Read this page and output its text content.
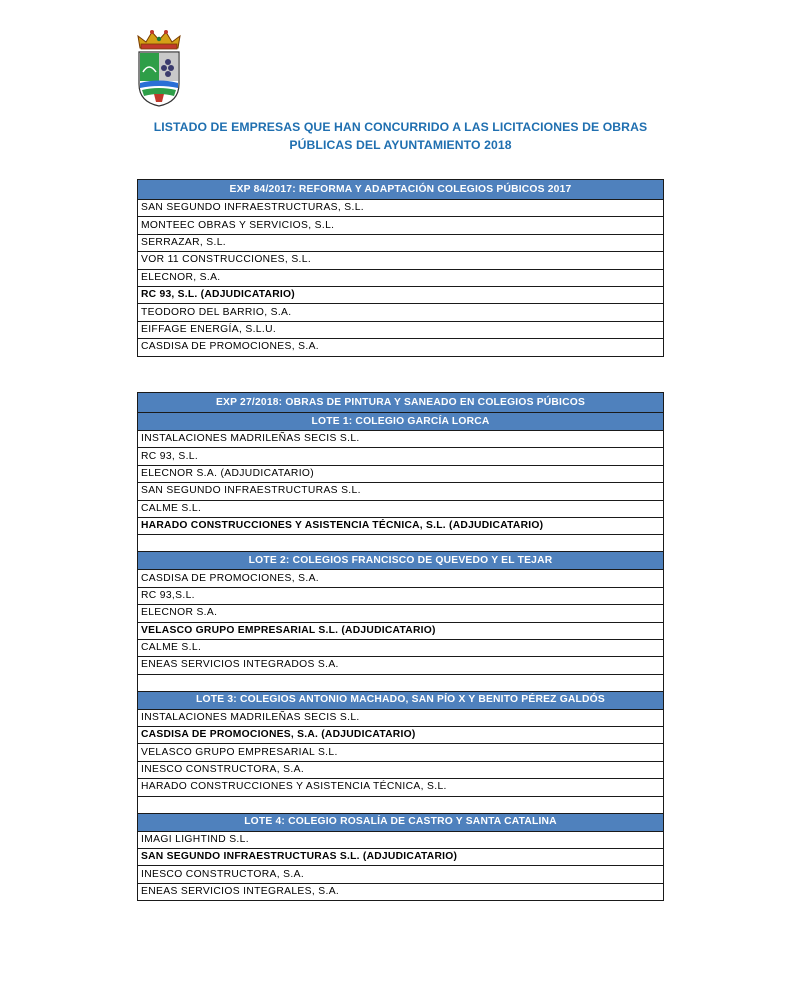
LISTADO DE EMPRESAS QUE HAN CONCURRIDO A LAS LICITACIONES DE OBRAS
PÚBLICAS DEL AYUNTAMIENTO 2018
EXP 84/2017: REFORMA Y ADAPTACIÓN COLEGIOS PÚBICOS 2017
SAN SEGUNDO INFRAESTRUCTURAS, S.L.
MONTEEC OBRAS Y SERVICIOS, S.L.
SERRAZAR, S.L.
VOR 11 CONSTRUCCIONES, S.L.
ELECNOR, S.A.
RC 93, S.L. (ADJUDICATARIO)
TEODORO DEL BARRIO, S.A.
EIFFAGE ENERGÍA, S.L.U.
CASDISA DE PROMOCIONES, S.A.
EXP 27/2018: OBRAS DE PINTURA Y SANEADO EN COLEGIOS PÚBICOS
LOTE 1: COLEGIO GARCÍA LORCA
INSTALACIONES MADRILEÑAS SECIS S.L.
RC 93, S.L.
ELECNOR S.A. (ADJUDICATARIO)
SAN SEGUNDO INFRAESTRUCTURAS S.L.
CALME S.L.
HARADO CONSTRUCCIONES Y ASISTENCIA TÉCNICA, S.L. (ADJUDICATARIO)

LOTE 2: COLEGIOS FRANCISCO DE QUEVEDO Y EL TEJAR
CASDISA DE PROMOCIONES, S.A.
RC 93,S.L.
ELECNOR S.A.
VELASCO GRUPO EMPRESARIAL S.L. (ADJUDICATARIO)
CALME S.L.
ENEAS SERVICIOS INTEGRADOS S.A.

LOTE 3: COLEGIOS ANTONIO MACHADO, SAN PÍO X Y BENITO PÉREZ GALDÓS
INSTALACIONES MADRILEÑAS SECIS S.L.
CASDISA DE PROMOCIONES, S.A. (ADJUDICATARIO)
VELASCO GRUPO EMPRESARIAL S.L.
INESCO CONSTRUCTORA, S.A.
HARADO CONSTRUCCIONES Y ASISTENCIA TÉCNICA, S.L.

LOTE 4: COLEGIO ROSALÍA DE CASTRO Y SANTA CATALINA
IMAGI LIGHTIND S.L.
SAN SEGUNDO INFRAESTRUCTURAS S.L. (ADJUDICATARIO)
INESCO CONSTRUCTORA, S.A.
ENEAS SERVICIOS INTEGRALES, S.A.
